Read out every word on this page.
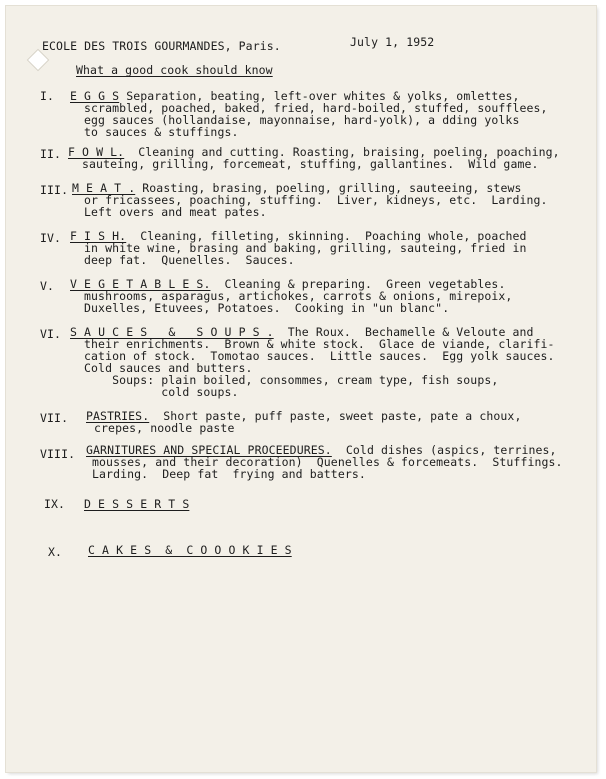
ECOLE DES TROIS GOURMANDES, Paris.	July 1, 1952

What a good cook should know

I. E G G S Separation, beating, left-over whites & yolks, omlettes,

scrambled, poached, baked, fried, hard-boiled, stuffed, soufflees,

egg sauces (hollandaise, mayonnaise, hard-yolk), a dding yolks

to sauces & stuffings.

II. F O W L.  Cleaning and cutting. Roasting, braising, poeling, poaching,

sauteing, grilling, forcemeat, stuffing, gallantines.  Wild game.

III. M E A T . Roasting, brasing, poeling, grilling, sauteeing, stews

or fricassees, poaching, stuffing.  Liver, kidneys, etc.  Larding.

Left overs and meat pates.

IV. F I S H.  Cleaning, filleting, skinning.  Poaching whole, poached

in white wine, brasing and baking, grilling, sauteing, fried in

deep fat.  Quenelles.  Sauces.

V. V E G E T A B L E S.  Cleaning & preparing.  Green vegetables.

mushrooms, asparagus, artichokes, carrots & onions, mirepoix,

Duxelles, Etuvees, Potatoes.  Cooking in "un blanc".

VI. S A U C E S   &   S O U P S .  The Roux.  Bechamelle & Veloute and

their enrichments.  Brown & white stock.  Glace de viande, clarifi-

cation of stock.  Tomotao sauces.  Little sauces.  Egg yolk sauces.

Cold sauces and butters.

Soups: plain boiled, consommes, cream type, fish soups,

cold soups.

VII. PASTRIES.  Short paste, puff paste, sweet paste, pate a choux,

crepes, noodle paste

VIII. GARNITURES AND SPECIAL PROCEEDURES.  Cold dishes (aspics, terrines,

mousses, and their decoration)  Quenelles & forcemeats.  Stuffings.

Larding.  Deep fat  frying and batters.

IX. D E S S E R T S

X. C A K E S  &  C O O O K I E S
